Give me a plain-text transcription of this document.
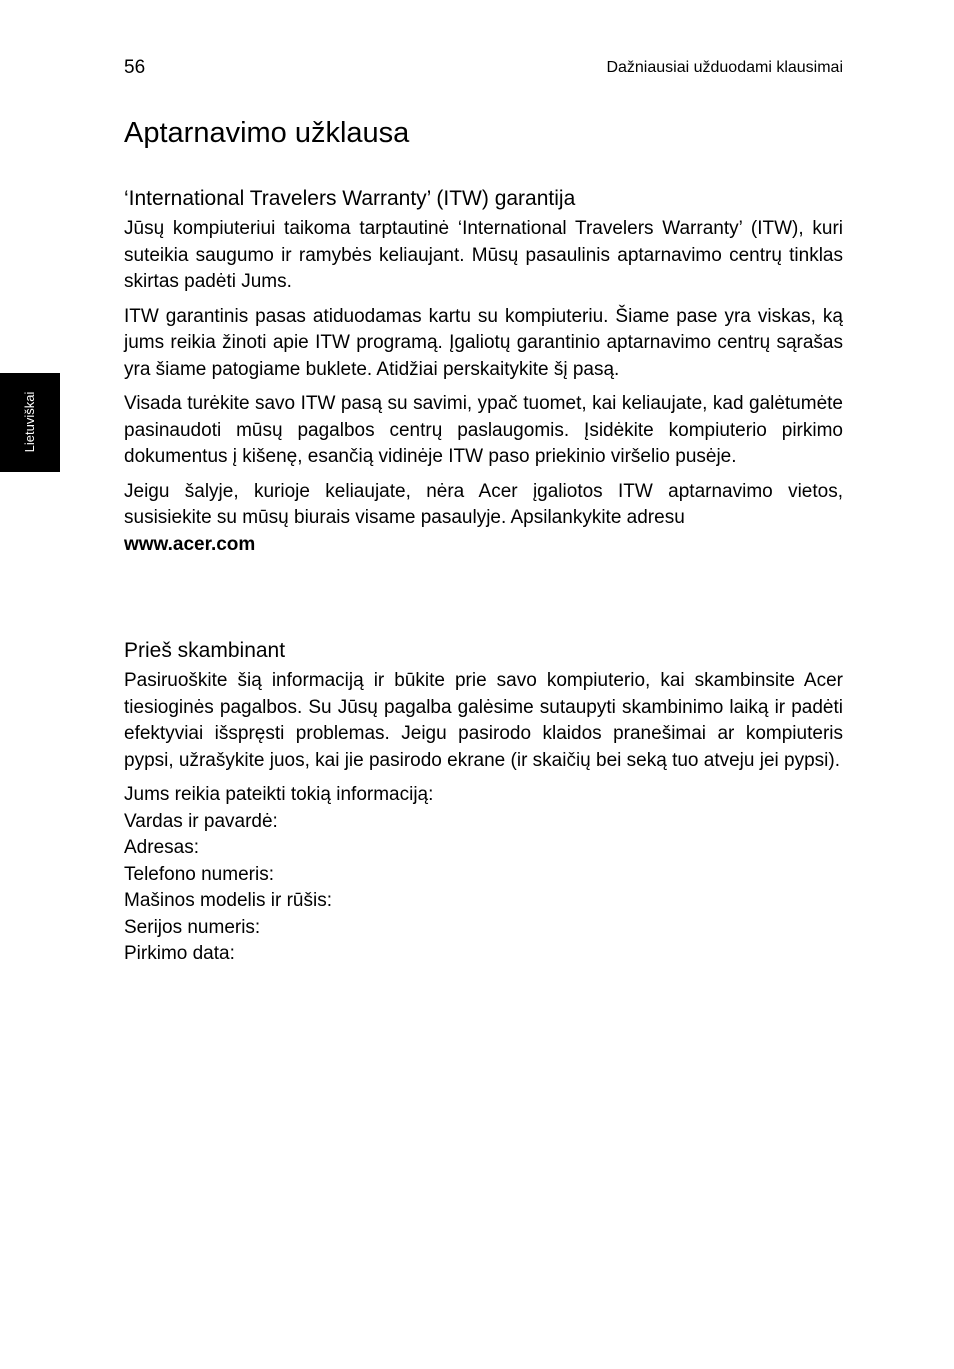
56	Dažniausiai užduodami klausimai
Lietuviškai
Aptarnavimo užklausa
‘International Travelers Warranty’ (ITW) garantija

Jūsų kompiuteriui taikoma tarptautinė ‘International Travelers Warranty’ (ITW), kuri suteikia saugumo ir ramybės keliaujant. Mūsų pasaulinis aptarnavimo centrų tinklas skirtas padėti Jums.

ITW garantinis pasas atiduodamas kartu su kompiuteriu. Šiame pase yra viskas, ką jums reikia žinoti apie ITW programą. Įgaliotų garantinio aptarnavimo centrų sąrašas yra šiame patogiame buklete. Atidžiai perskaitykite šį pasą.

Visada turėkite savo ITW pasą su savimi, ypač tuomet, kai keliaujate, kad galėtumėte pasinaudoti mūsų pagalbos centrų paslaugomis. Įsidėkite kompiuterio pirkimo dokumentus į kišenę, esančią vidinėje ITW paso priekinio viršelio pusėje.

Jeigu šalyje, kurioje keliaujate, nėra Acer įgaliotos ITW aptarnavimo vietos, susisiekite su mūsų biurais visame pasaulyje. Apsilankykite adresu

www.acer.com
Prieš skambinant

Pasiruoškite šią informaciją ir būkite prie savo kompiuterio, kai skambinsite Acer tiesioginės pagalbos. Su Jūsų pagalba galėsime sutaupyti skambinimo laiką ir padėti efektyviai išspręsti problemas. Jeigu pasirodo klaidos pranešimai ar kompiuteris pypsi, užrašykite juos, kai jie pasirodo ekrane (ir skaičių bei seką tuo atveju jei pypsi).

Jums reikia pateikti tokią informaciją:
Vardas ir pavardė:
Adresas:
Telefono numeris:
Mašinos modelis ir rūšis:
Serijos numeris:
Pirkimo data:
